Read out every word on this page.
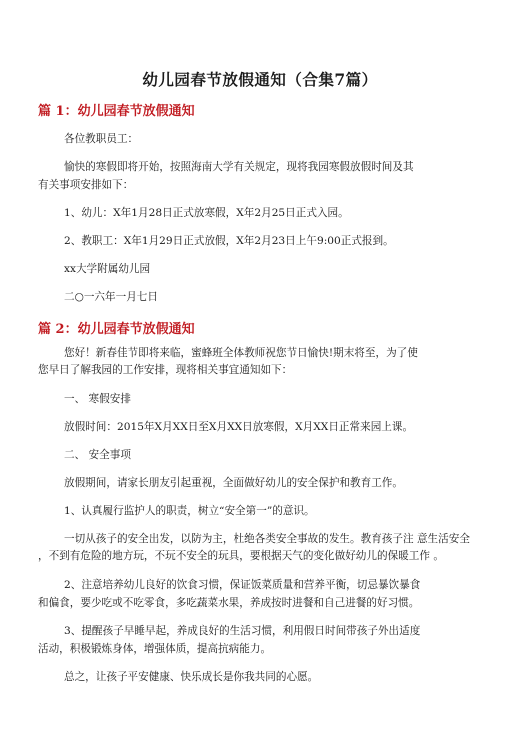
幼儿园春节放假通知（合集7篇）
篇 1：幼儿园春节放假通知
各位教职员工：
愉快的寒假即将开始，按照海南大学有关规定，现将我园寒假放假时间及其
有关事项安排如下：
1、幼儿：X年1月28日正式放寒假，X年2月25日正式入园。
2、教职工：X年1月29日正式放假，X年2月23日上午9:00正式报到。
xx大学附属幼儿园
二○一六年一月七日
篇 2：幼儿园春节放假通知
您好！新春佳节即将来临，蜜蜂班全体教师祝您节日愉快!期末将至，为了使
您早日了解我园的工作安排，现将相关事宜通知如下：
一、 寒假安排
放假时间：2015年X月XX日至X月XX日放寒假，X月XX日正常来园上课。
二、 安全事项
放假期间，请家长朋友引起重视，全面做好幼儿的安全保护和教育工作。
1、认真履行监护人的职责，树立“安全第一”的意识。
一切从孩子的安全出发，以防为主，杜绝各类安全事故的发生。教育孩子注 意生活安全
，不到有危险的地方玩，不玩不安全的玩具，要根据天气的变化做好幼儿的保暖工作 。
2、注意培养幼儿良好的饮食习惯，保证饭菜质量和营养平衡，切忌暴饮暴食
和偏食，要少吃或不吃零食，多吃蔬菜水果，养成按时进餐和自己进餐的好习惯。
3、提醒孩子早睡早起，养成良好的生活习惯，利用假日时间带孩子外出适度
活动，积极锻炼身体，增强体质，提高抗病能力。
总之，让孩子平安健康、快乐成长是你我共同的心愿。
